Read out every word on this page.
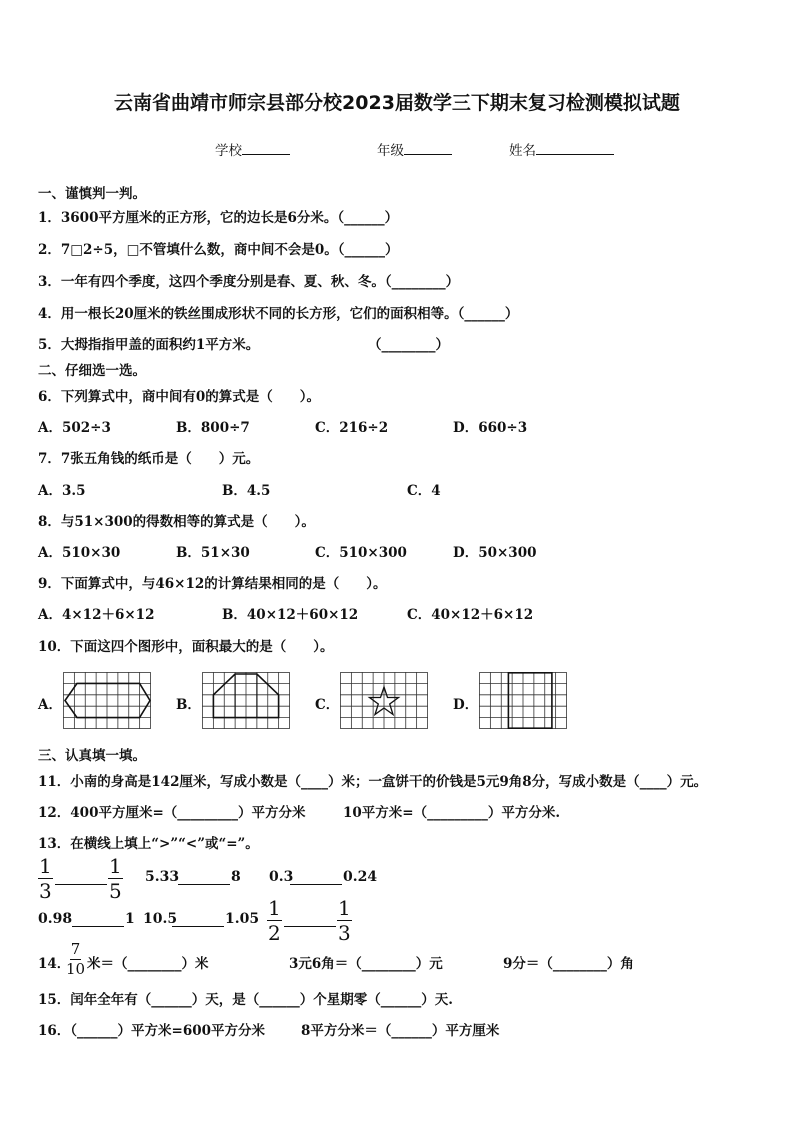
云南省曲靖市师宗县部分校2023届数学三下期末复习检测模拟试题
学校	年级	姓名
一、谨慎判一判。
1．3600平方厘米的正方形，它的边长是6分米。（______）
2．7□2÷5，□不管填什么数，商中间不会是0。（______）
3．一年有四个季度，这四个季度分别是春、夏、秋、冬。（________）
4．用一根长20厘米的铁丝围成形状不同的长方形，它们的面积相等。（______）
5．大拇指指甲盖的面积约1平方米。	（________）
二、仔细选一选。
6．下列算式中，商中间有0的算式是（　　）。
A．502÷3	B．800÷7	C．216÷2	D．660÷3
7．7张五角钱的纸币是（　　）元。
A．3.5	B．4.5	C．4
8．与51×300的得数相等的算式是（　　）。
A．510×30	B．51×30	C．510×300	D．50×300
9．下面算式中，与46×12的计算结果相同的是（　　）。
A．4×12＋6×12	B．40×12＋60×12	C．40×12＋6×12
10．下面这四个图形中，面积最大的是（　　）。
A．	B．	C．	D．
三、认真填一填。
11．小南的身高是142厘米，写成小数是（____）米；一盒饼干的价钱是5元9角8分，写成小数是（____）元。
12．400平方厘米=（_________）平方分米	10平方米=（_________）平方分米.
13．在横线上填上“>”“<”或“=”。
$\frac{1}{3}$	$\frac{1}{5} 5.33$	8 0.3	0.24
0.98	1 10.5	$1.05 \frac{1}{2}$	$\frac{1}{3}$
14．
$\frac{7}{10}$ 米＝（________）米	3元6角＝（________）元	9分＝（________）角
15．闰年全年有（______）天，是（______）个星期零（______）天.
16．（______）平方米=600平方分米	8平方分米＝（______）平方厘米
